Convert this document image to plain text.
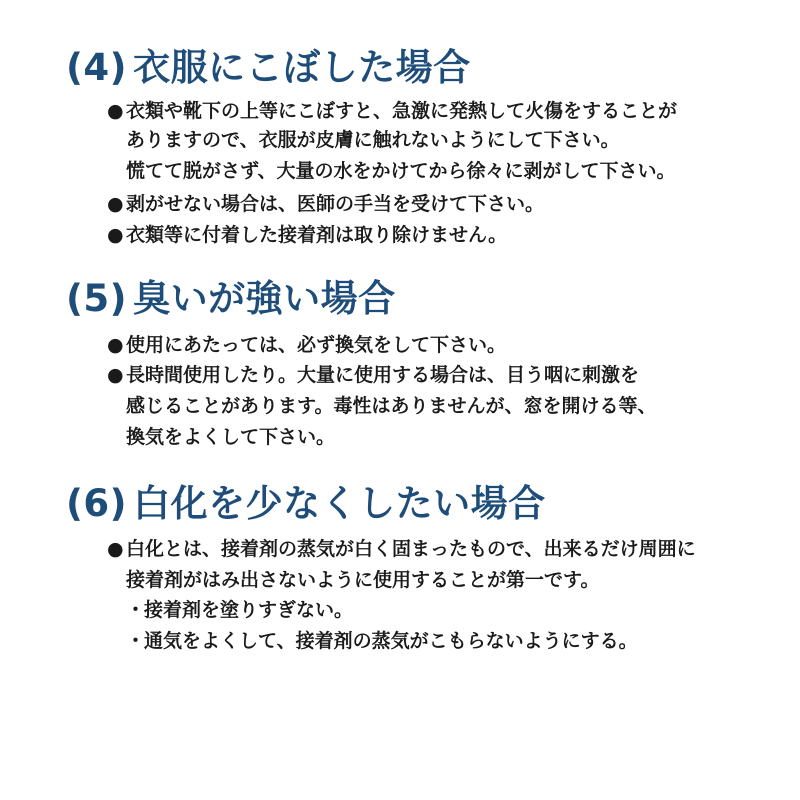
(4) 衣服にこぼした場合
● 衣類や靴下の上等にこぼすと、急激に発熱して火傷をすることが
ありますので、衣服が皮膚に触れないようにして下さい。
慌てて脱がさず、大量の水をかけてから徐々に剥がして下さい。
● 剥がせない場合は、医師の手当を受けて下さい。
● 衣類等に付着した接着剤は取り除けません。
(5) 臭いが強い場合
● 使用にあたっては、必ず換気をして下さい。
● 長時間使用したり。大量に使用する場合は、目う咽に刺激を
感じることがあります。毒性はありませんが、窓を開ける等、
換気をよくして下さい。
(6) 白化を少なくしたい場合
● 白化とは、接着剤の蒸気が白く固まったもので、出来るだけ周囲に
接着剤がはみ出さないように使用することが第一です。
・接着剤を塗りすぎない。
・通気をよくして、接着剤の蒸気がこもらないようにする。
